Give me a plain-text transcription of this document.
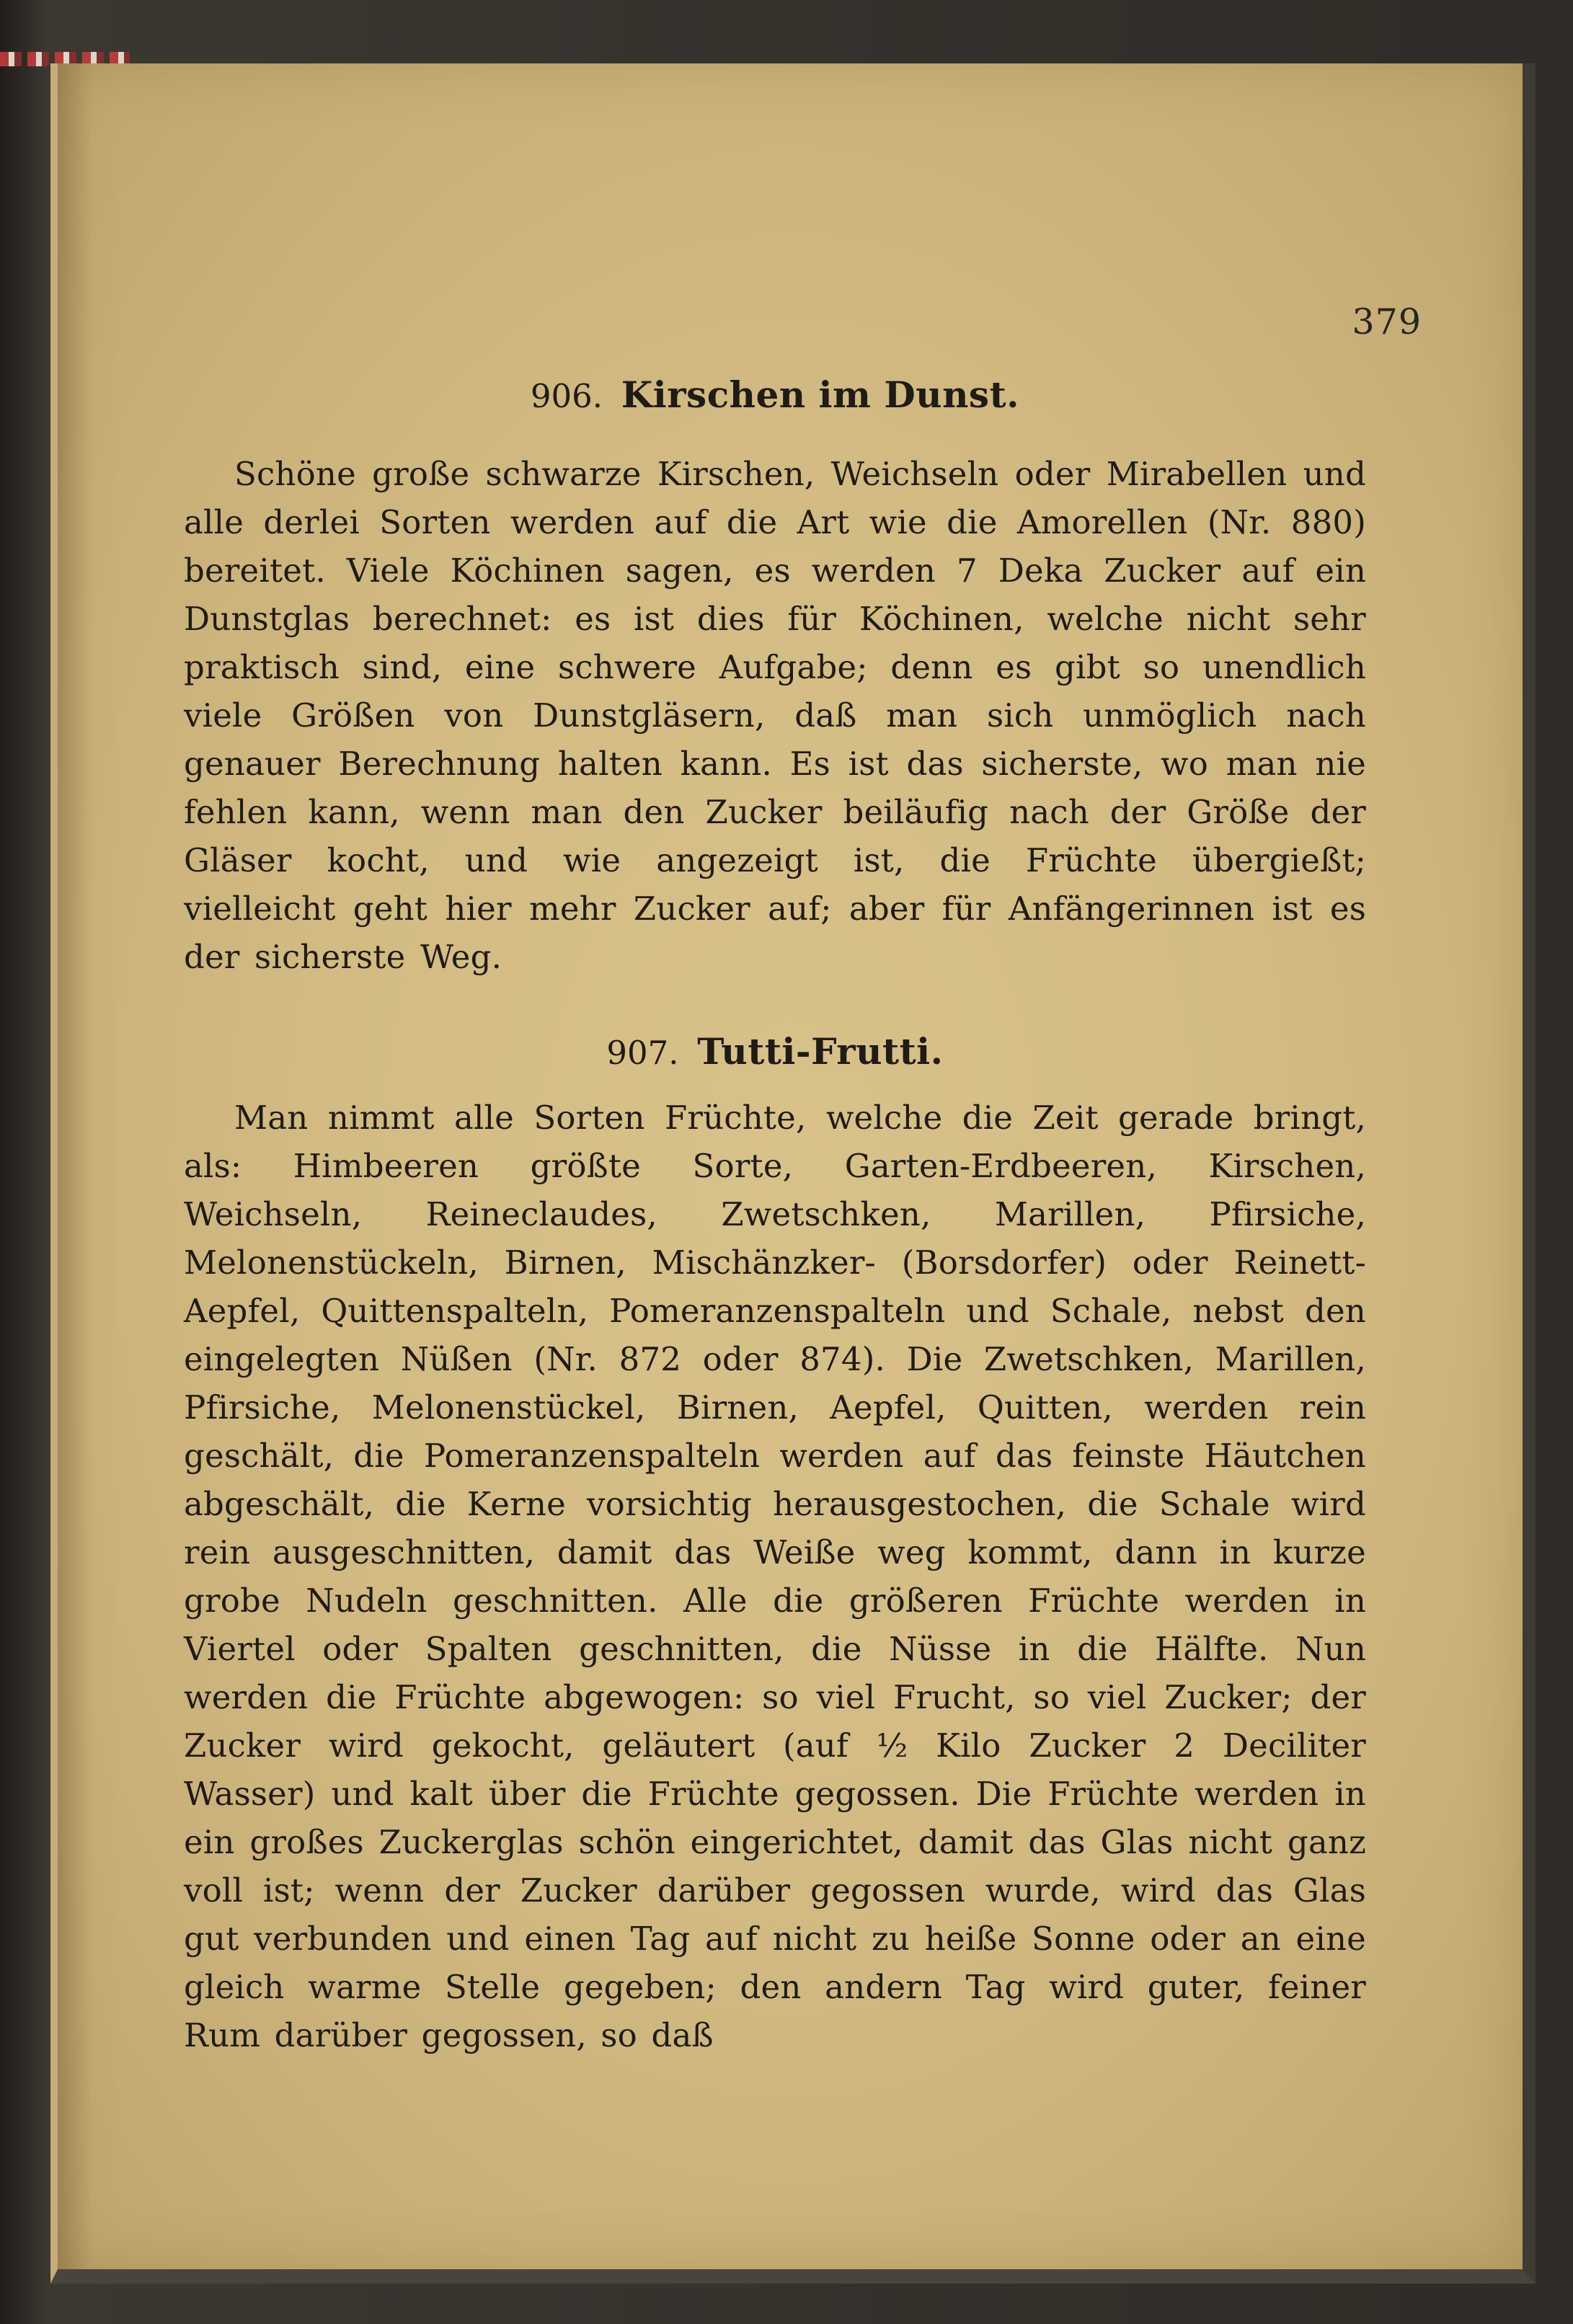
379
906. Kirschen im Dunst.

Schöne große schwarze Kirschen, Weichseln oder Mirabellen und alle derlei Sorten werden auf die Art wie die Amorellen (Nr. 880) bereitet. Viele Köchinen sagen, es werden 7 Deka Zucker auf ein Dunstglas berechnet: es ist dies für Köchinen, welche nicht sehr praktisch sind, eine schwere Aufgabe; denn es gibt so unendlich viele Größen von Dunstgläsern, daß man sich unmöglich nach genauer Berechnung halten kann. Es ist das sicherste, wo man nie fehlen kann, wenn man den Zucker beiläufig nach der Größe der Gläser kocht, und wie angezeigt ist, die Früchte übergießt; vielleicht geht hier mehr Zucker auf; aber für Anfängerinnen ist es der sicherste Weg.

907. Tutti-Frutti.

Man nimmt alle Sorten Früchte, welche die Zeit gerade bringt, als: Himbeeren größte Sorte, Garten-Erdbeeren, Kirschen, Weichseln, Reineclaudes, Zwetschken, Marillen, Pfirsiche, Melonenstückeln, Birnen, Mischänzker- (Borsdorfer) oder Reinett-Aepfel, Quittenspalteln, Pomeranzenspalteln und Schale, nebst den eingelegten Nüßen (Nr. 872 oder 874). Die Zwetschken, Marillen, Pfirsiche, Melonenstückel, Birnen, Aepfel, Quitten, werden rein geschält, die Pomeranzenspalteln werden auf das feinste Häutchen abgeschält, die Kerne vorsichtig herausgestochen, die Schale wird rein ausgeschnitten, damit das Weiße weg kommt, dann in kurze grobe Nudeln geschnitten. Alle die größeren Früchte werden in Viertel oder Spalten geschnitten, die Nüsse in die Hälfte. Nun werden die Früchte abgewogen: so viel Frucht, so viel Zucker; der Zucker wird gekocht, geläutert (auf ½ Kilo Zucker 2 Deciliter Wasser) und kalt über die Früchte gegossen. Die Früchte werden in ein großes Zuckerglas schön eingerichtet, damit das Glas nicht ganz voll ist; wenn der Zucker darüber gegossen wurde, wird das Glas gut verbunden und einen Tag auf nicht zu heiße Sonne oder an eine gleich warme Stelle gegeben; den andern Tag wird guter, feiner Rum darüber gegossen, so daß
